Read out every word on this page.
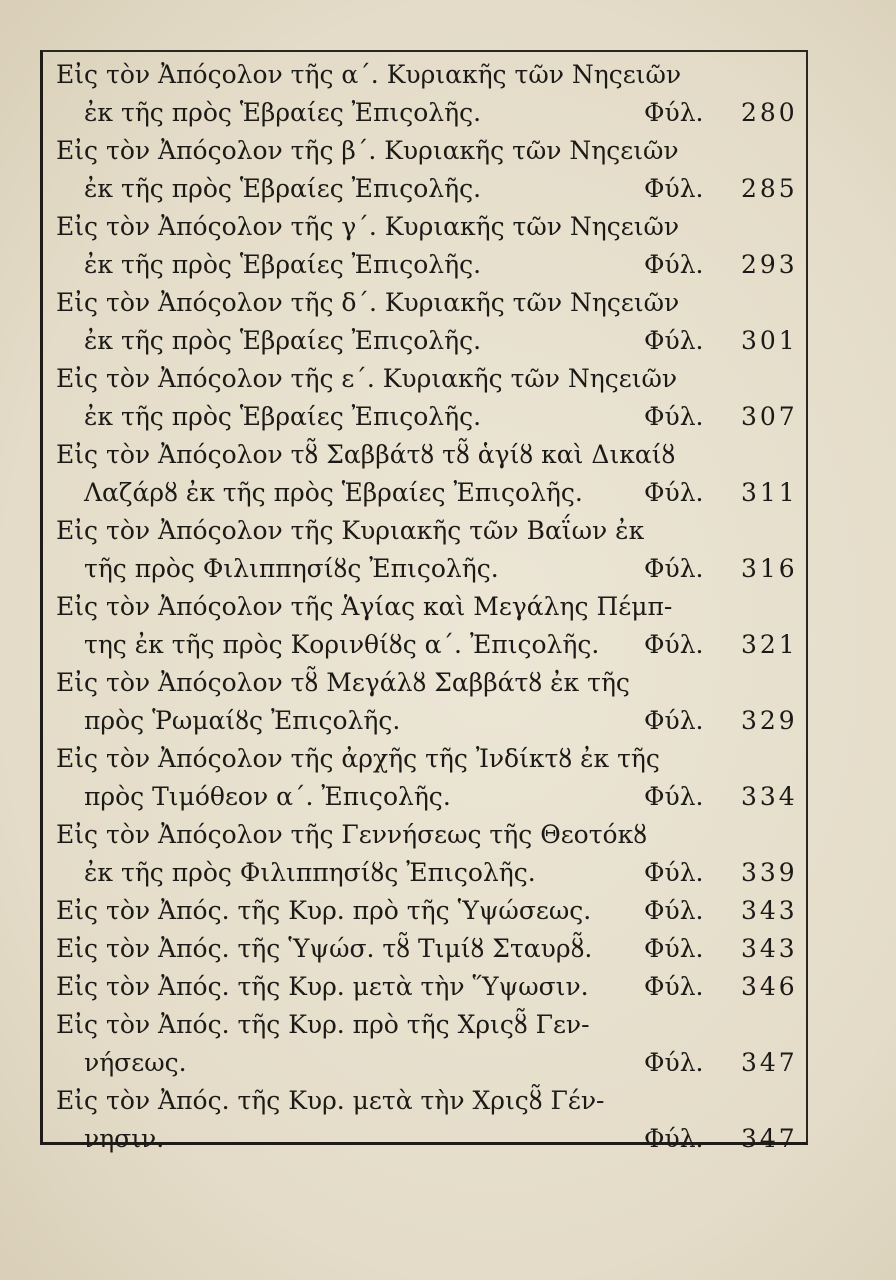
Εἰς τὸν Ἀπόςολον τῆς α΄. Κυριακῆς τῶν Νηςειῶν
ἐκ τῆς πρὸς Ἑβραίες Ἐπιςολῆς.	Φύλ. 280
Εἰς τὸν Ἀπόςολον τῆς β΄. Κυριακῆς τῶν Νηςειῶν
ἐκ τῆς πρὸς Ἑβραίες Ἐπιςολῆς.	Φύλ. 285
Εἰς τὸν Ἀπόςολον τῆς γ΄. Κυριακῆς τῶν Νηςειῶν
ἐκ τῆς πρὸς Ἑβραίες Ἐπιςολῆς.	Φύλ. 293
Εἰς τὸν Ἀπόςολον τῆς δ΄. Κυριακῆς τῶν Νηςειῶν
ἐκ τῆς πρὸς Ἑβραίες Ἐπιςολῆς.	Φύλ. 301
Εἰς τὸν Ἀπόςολον τῆς ε΄. Κυριακῆς τῶν Νηςειῶν
ἐκ τῆς πρὸς Ἑβραίες Ἐπιςολῆς.	Φύλ. 307
Εἰς τὸν Ἀπόςολον τȣ̃ Σαββάτȣ τȣ̃ ἁγίȣ καὶ Δικαίȣ
Λαζάρȣ ἐκ τῆς πρὸς Ἑβραίες Ἐπιςολῆς. Φύλ. 311
Εἰς τὸν Ἀπόςολον τῆς Κυριακῆς τῶν Βαΐων ἐκ
τῆς πρὸς Φιλιππησίȣς Ἐπιςολῆς.	Φύλ. 316
Εἰς τὸν Ἀπόςολον τῆς Ἁγίας καὶ Μεγάλης Πέμπ-
της ἐκ τῆς πρὸς Κορινθίȣς α΄. Ἐπιςολῆς. Φύλ. 321
Εἰς τὸν Ἀπόςολον τȣ̃ Μεγάλȣ Σαββάτȣ ἐκ τῆς
πρὸς Ῥωμαίȣς Ἐπιςολῆς.	Φύλ. 329
Εἰς τὸν Ἀπόςολον τῆς ἀρχῆς τῆς Ἰνδίκτȣ ἐκ τῆς
πρὸς Τιμόθεον α΄. Ἐπιςολῆς.	Φύλ. 334
Εἰς τὸν Ἀπόςολον τῆς Γεννήσεως τῆς Θεοτόκȣ
ἐκ τῆς πρὸς Φιλιππησίȣς Ἐπιςολῆς.	Φύλ. 339
Εἰς τὸν Ἀπός. τῆς Κυρ. πρὸ τῆς Ὑψώσεως. Φύλ. 343
Εἰς τὸν Ἀπός. τῆς Ὑψώσ. τȣ̃ Τιμίȣ Σταυρȣ̃. Φύλ. 343
Εἰς τὸν Ἀπός. τῆς Κυρ. μετὰ τὴν Ὕψωσιν. Φύλ. 346
Εἰς τὸν Ἀπός. τῆς Κυρ. πρὸ τῆς Χριςȣ̃ Γεν-
νήσεως.	Φύλ. 347
Εἰς τὸν Ἀπός. τῆς Κυρ. μετὰ τὴν Χριςȣ̃ Γέν-
νησιν.	Φύλ. 347
